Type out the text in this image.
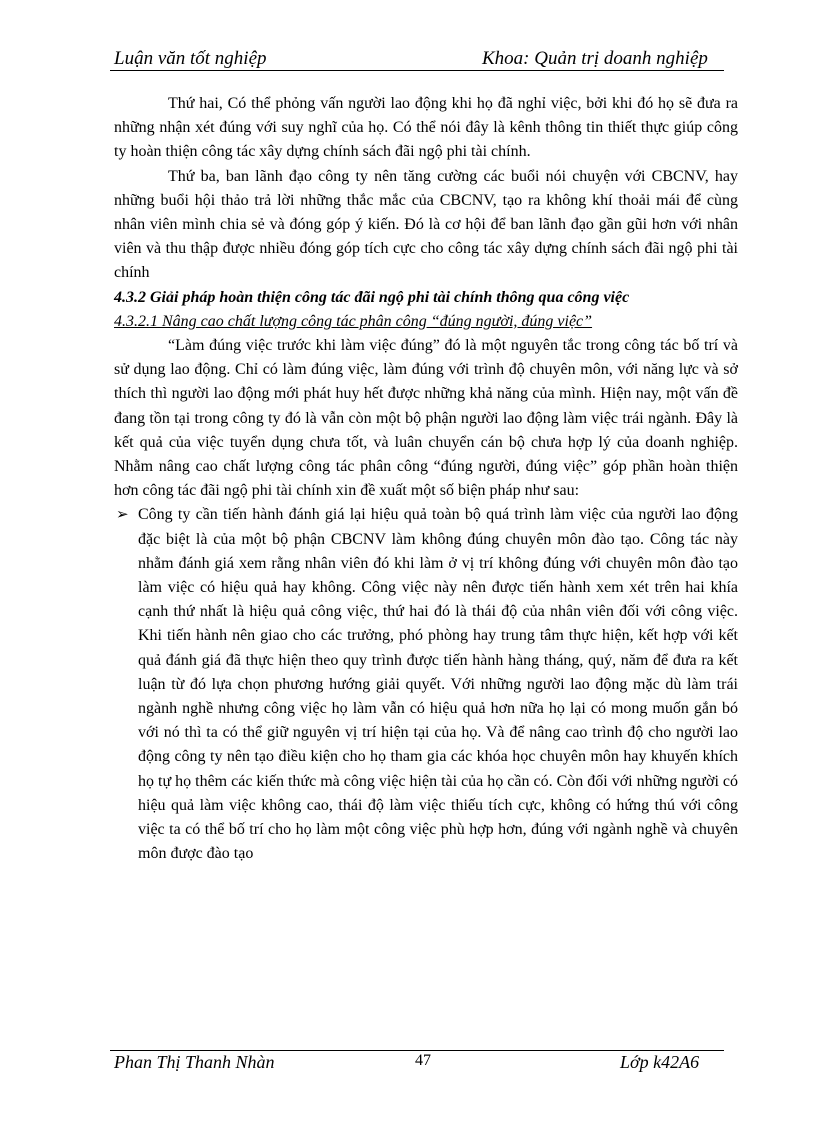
Luận văn tốt nghiệp	Khoa: Quản trị doanh nghiệp

Thứ hai, Có thể phỏng vấn người lao động khi họ đã nghỉ việc, bởi khi đó họ sẽ đưa ra những nhận xét đúng với suy nghĩ của họ. Có thể nói đây là kênh thông tin thiết thực giúp công ty hoàn thiện công tác xây dựng chính sách đãi ngộ phi tài chính.

Thứ ba, ban lãnh đạo công ty nên tăng cường các buổi nói chuyện với CBCNV, hay những buổi hội thảo trả lời những thắc mắc của CBCNV, tạo ra không khí thoải mái để cùng nhân viên mình chia sẻ và đóng góp ý kiến. Đó là cơ hội để ban lãnh đạo gần gũi hơn với nhân viên và thu thập được nhiều đóng góp tích cực cho công tác xây dựng chính sách đãi ngộ phi tài chính

4.3.2 Giải pháp hoàn thiện công tác đãi ngộ phi tài chính thông qua công việc

4.3.2.1 Nâng cao chất lượng công tác phân công “đúng người, đúng việc”

“Làm đúng việc trước khi làm việc đúng” đó là một nguyên tắc trong công tác bố trí và sử dụng lao động. Chỉ có làm đúng việc, làm đúng với trình độ chuyên môn, với năng lực và sở thích thì người lao động mới phát huy hết được những khả năng của mình. Hiện nay, một vấn đề đang tồn tại trong công ty đó là vẫn còn một bộ phận người lao động làm việc trái ngành. Đây là kết quả của việc tuyển dụng chưa tốt, và luân chuyển cán bộ chưa hợp lý của doanh nghiệp. Nhằm nâng cao chất lượng công tác phân công “đúng người, đúng việc” góp phần hoàn thiện hơn công tác đãi ngộ phi tài chính xin đề xuất một số biện pháp như sau:

➢ Công ty cần tiến hành đánh giá lại hiệu quả toàn bộ quá trình làm việc của người lao động đặc biệt là của một bộ phận CBCNV làm không đúng chuyên môn đào tạo. Công tác này nhằm đánh giá xem rằng nhân viên đó khi làm ở vị trí không đúng với chuyên môn đào tạo làm việc có hiệu quả hay không. Công việc này nên được tiến hành xem xét trên hai khía cạnh thứ nhất là hiệu quả công việc, thứ hai đó là thái độ của nhân viên đối với công việc. Khi tiến hành nên giao cho các trưởng, phó phòng hay trung tâm thực hiện, kết hợp với kết quả đánh giá đã thực hiện theo quy trình được tiến hành hàng tháng, quý, năm để đưa ra kết luận từ đó lựa chọn phương hướng giải quyết. Với những người lao động mặc dù làm trái ngành nghề nhưng công việc họ làm vẫn có hiệu quả hơn nữa họ lại có mong muốn gắn bó với nó thì ta có thể giữ nguyên vị trí hiện tại của họ. Và để nâng cao trình độ cho người lao động công ty nên tạo điều kiện cho họ tham gia các khóa học chuyên môn hay khuyến khích họ tự họ thêm các kiến thức mà công việc hiện tài của họ cần có. Còn đối với những người có hiệu quả làm việc không cao, thái độ làm việc thiếu tích cực, không có hứng thú với công việc ta có thể bố trí cho họ làm một công việc phù hợp hơn, đúng với ngành nghề và chuyên môn được đào tạo
Phan Thị Thanh Nhàn	47	Lớp k42A6
